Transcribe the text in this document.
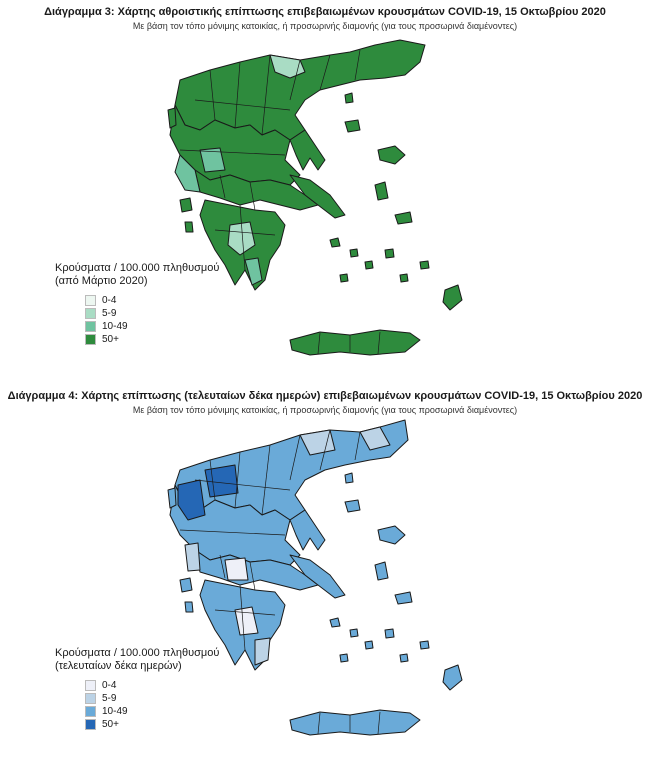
Διάγραμμα 3: Χάρτης αθροιστικής επίπτωσης επιβεβαιωμένων κρουσμάτων COVID-19, 15 Οκτωβρίου 2020
Με βάση τον τόπο μόνιμης κατοικίας, ή προσωρινής διαμονής (για τους προσωρινά διαμένοντες)
Κρούσματα / 100.000 πληθυσμού
(από Μάρτιο 2020)
0-4
5-9
10-49
50+
Διάγραμμα 4: Χάρτης επίπτωσης (τελευταίων δέκα ημερών) επιβεβαιωμένων κρουσμάτων COVID-19, 15 Οκτωβρίου 2020
Με βάση τον τόπο μόνιμης κατοικίας, ή προσωρινής διαμονής (για τους προσωρινά διαμένοντες)
Κρούσματα / 100.000 πληθυσμού
(τελευταίων δέκα ημερών)
0-4
5-9
10-49
50+
